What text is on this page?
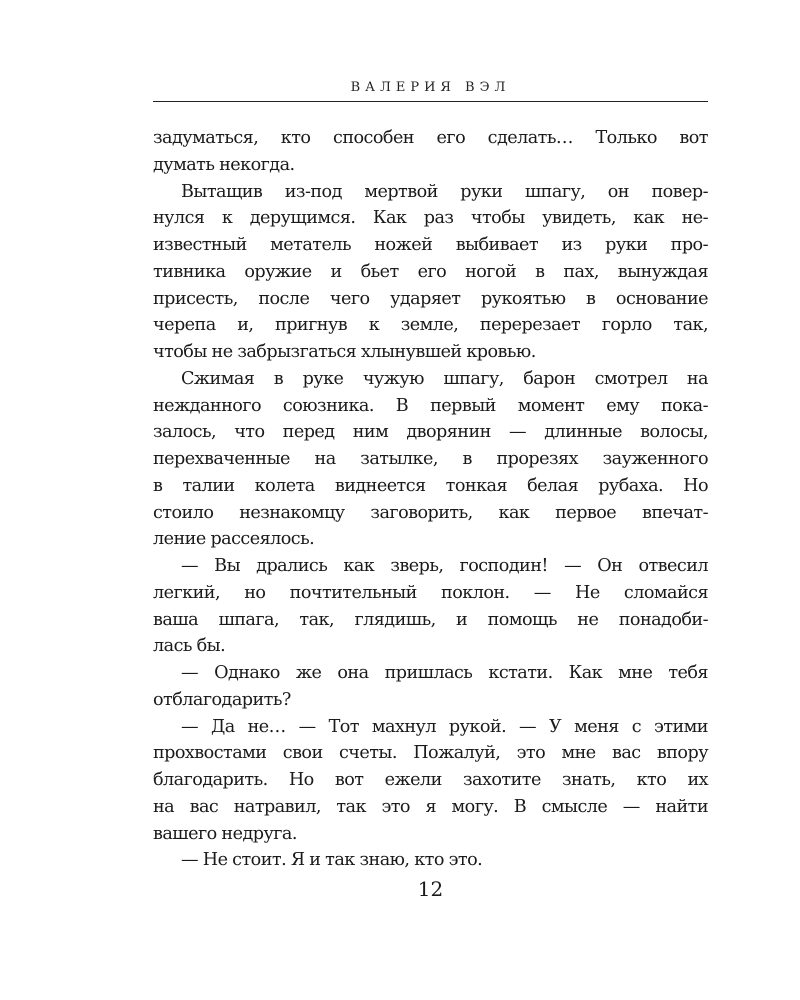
ВАЛЕРИЯ ВЭЛ
задуматься, кто способен его сделать… Только вот
думать некогда.
Вытащив из-под мертвой руки шпагу, он повер-
нулся к дерущимся. Как раз чтобы увидеть, как не-
известный метатель ножей выбивает из руки про-
тивника оружие и бьет его ногой в пах, вынуждая
присесть, после чего ударяет рукоятью в основание
черепа и, пригнув к земле, перерезает горло так,
чтобы не забрызгаться хлынувшей кровью.
Сжимая в руке чужую шпагу, барон смотрел на
нежданного союзника. В первый момент ему пока-
залось, что перед ним дворянин — длинные волосы,
перехваченные на затылке, в прорезях зауженного
в талии колета виднеется тонкая белая рубаха. Но
стоило незнакомцу заговорить, как первое впечат-
ление рассеялось.
— Вы дрались как зверь, господин! — Он отвесил
легкий, но почтительный поклон. — Не сломайся
ваша шпага, так, глядишь, и помощь не понадоби-
лась бы.
— Однако же она пришлась кстати. Как мне тебя
отблагодарить?
— Да не… — Тот махнул рукой. — У меня с этими
прохвостами свои счеты. Пожалуй, это мне вас впору
благодарить. Но вот ежели захотите знать, кто их
на вас натравил, так это я могу. В смысле — найти
вашего недруга.
— Не стоит. Я и так знаю, кто это.
12
